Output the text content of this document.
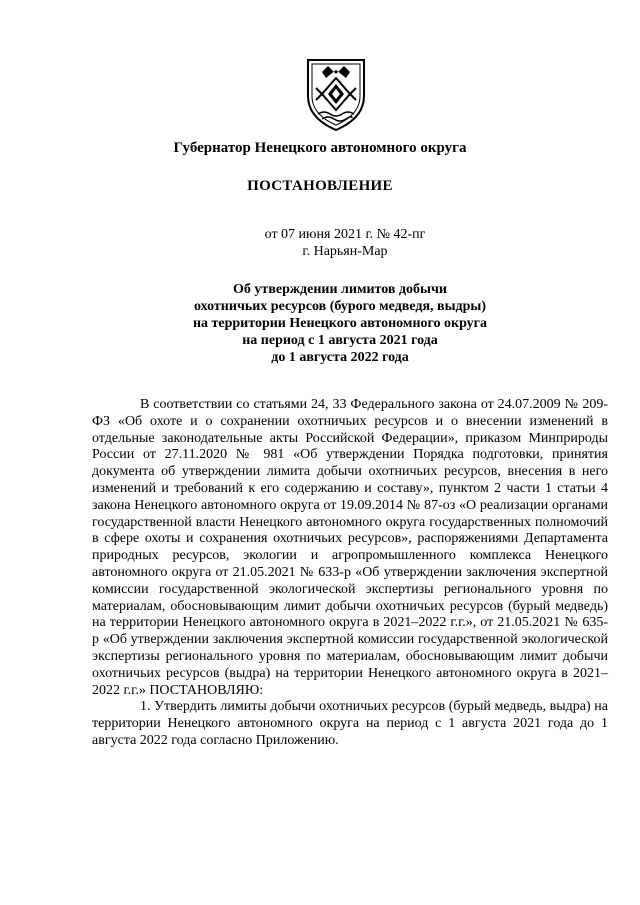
Губернатор Ненецкого автономного округа
ПОСТАНОВЛЕНИЕ
от 07 июня 2021 г. № 42-пг
г. Нарьян-Мар
Об утверждении лимитов добычи
охотничьих ресурсов (бурого медведя, выдры)
на территории Ненецкого автономного округа
на период с 1 августа 2021 года
до 1 августа 2022 года

В соответствии со статьями 24, 33 Федерального закона от 24.07.2009 № 209-ФЗ «Об охоте и о сохранении охотничьих ресурсов и о внесении изменений в отдельные законодательные акты Российской Федерации», приказом Минприроды России от 27.11.2020 № 981 «Об утверждении Порядка подготовки, принятия документа об утверждении лимита добычи охотничьих ресурсов, внесения в него изменений и требований к его содержанию и составу», пунктом 2 части 1 статьи 4 закона Ненецкого автономного округа от 19.09.2014 № 87-оз «О реализации органами государственной власти Ненецкого автономного округа государственных полномочий в сфере охоты и сохранения охотничьих ресурсов», распоряжениями Департамента природных ресурсов, экологии и агропромышленного комплекса Ненецкого автономного округа от 21.05.2021 № 633-р «Об утверждении заключения экспертной комиссии государственной экологической экспертизы регионального уровня по материалам, обосновывающим лимит добычи охотничьих ресурсов (бурый медведь) на территории Ненецкого автономного округа в 2021–2022 г.г.», от 21.05.2021 № 635-р «Об утверждении заключения экспертной комиссии государственной экологической экспертизы регионального уровня по материалам, обосновывающим лимит добычи охотничьих ресурсов (выдра) на территории Ненецкого автономного округа в 2021–2022 г.г.» ПОСТАНОВЛЯЮ:

1. Утвердить лимиты добычи охотничьих ресурсов (бурый медведь, выдра) на территории Ненецкого автономного округа на период с 1 августа 2021 года до 1 августа 2022 года согласно Приложению.
